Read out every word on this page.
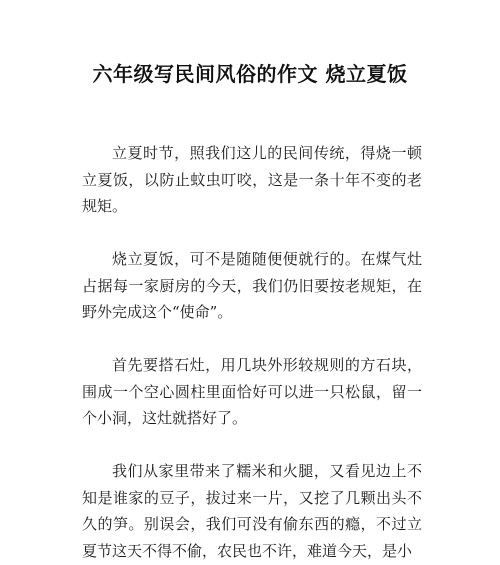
六年级写民间风俗的作文 烧立夏饭

立夏时节，照我们这儿的民间传统，得烧一顿立夏饭，以防止蚊虫叮咬，这是一条十年不变的老规矩。

烧立夏饭，可不是随随便便就行的。在煤气灶占据每一家厨房的今天，我们仍旧要按老规矩，在野外完成这个“使命”。

首先要搭石灶，用几块外形较规则的方石块，围成一个空心圆柱里面恰好可以进一只松鼠，留一个小洞，这灶就搭好了。

我们从家里带来了糯米和火腿，又看见边上不知是谁家的豆子，拔过来一片，又挖了几颗出头不久的笋。别误会，我们可没有偷东西的瘾，不过立夏节这天不得不偷，农民也不许，难道今天，是小
